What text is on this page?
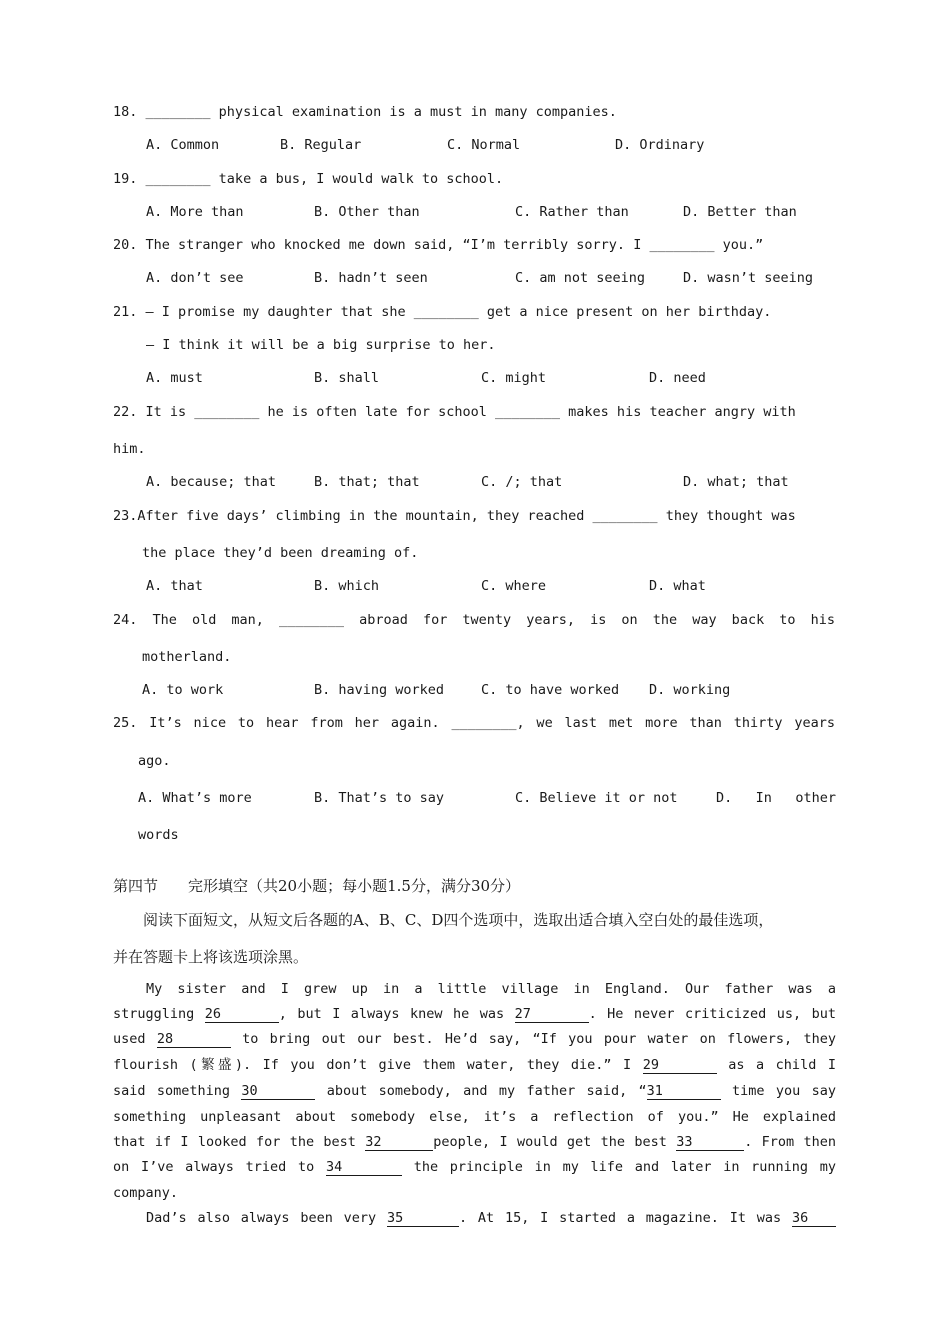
18. ________ physical examination is a must in many companies.
A. Common	B. Regular	C. Normal	D. Ordinary
19. ________ take a bus, I would walk to school.
A. More than	B. Other than	C. Rather than	D. Better than
20. The stranger who knocked me down said, “I’m terribly sorry. I ________ you.”
A. don’t see	B. hadn’t seen	C. am not seeing	D. wasn’t seeing
21. — I promise my daughter that she ________ get a nice present on her birthday.
— I think it will be a big surprise to her.
A. must	B. shall	C. might	D. need
22. It is ________ he is often late for school ________ makes his teacher angry with
him.
A. because; that	B. that; that	C. /; that	D. what; that
23.After five days’ climbing in the mountain, they reached ________ they thought was
the place they’d been dreaming of.
A. that	B. which	C. where	D. what
24. The old man, ________ abroad for twenty years, is on the way back to his
motherland.
A. to work	B. having worked	C. to have worked D. working
25. It’s nice to hear from her again. ________, we last met more than thirty years
ago.
A. What’s more	B. That’s to say	C. Believe it or not	D. In other
words
第四节　　完形填空（共20小题；每小题1.5分，满分30分）
　　阅读下面短文，从短文后各题的A、B、C、D四个选项中，选取出适合填入空白处的最佳选项，
并在答题卡上将该选项涂黑。
My sister and I grew up in a little village in England. Our father was a
struggling 26	, but I always knew he was 27	. He never criticized us, but
used 28	to bring out our best. He’d say, “If you pour water on flowers, they
flourish (繁盛). If you don’t give them water, they die.” I 29	as a child I
said something 30	about somebody, and my father said, “31	time you say
something unpleasant about somebody else, it’s a reflection of you.” He explained
that if I looked for the best 32	people, I would get the best 33	. From then
on I’ve always tried to 34	the principle in my life and later in running my
company.
Dad’s also always been very 35	. At 15, I started a magazine. It was 36
